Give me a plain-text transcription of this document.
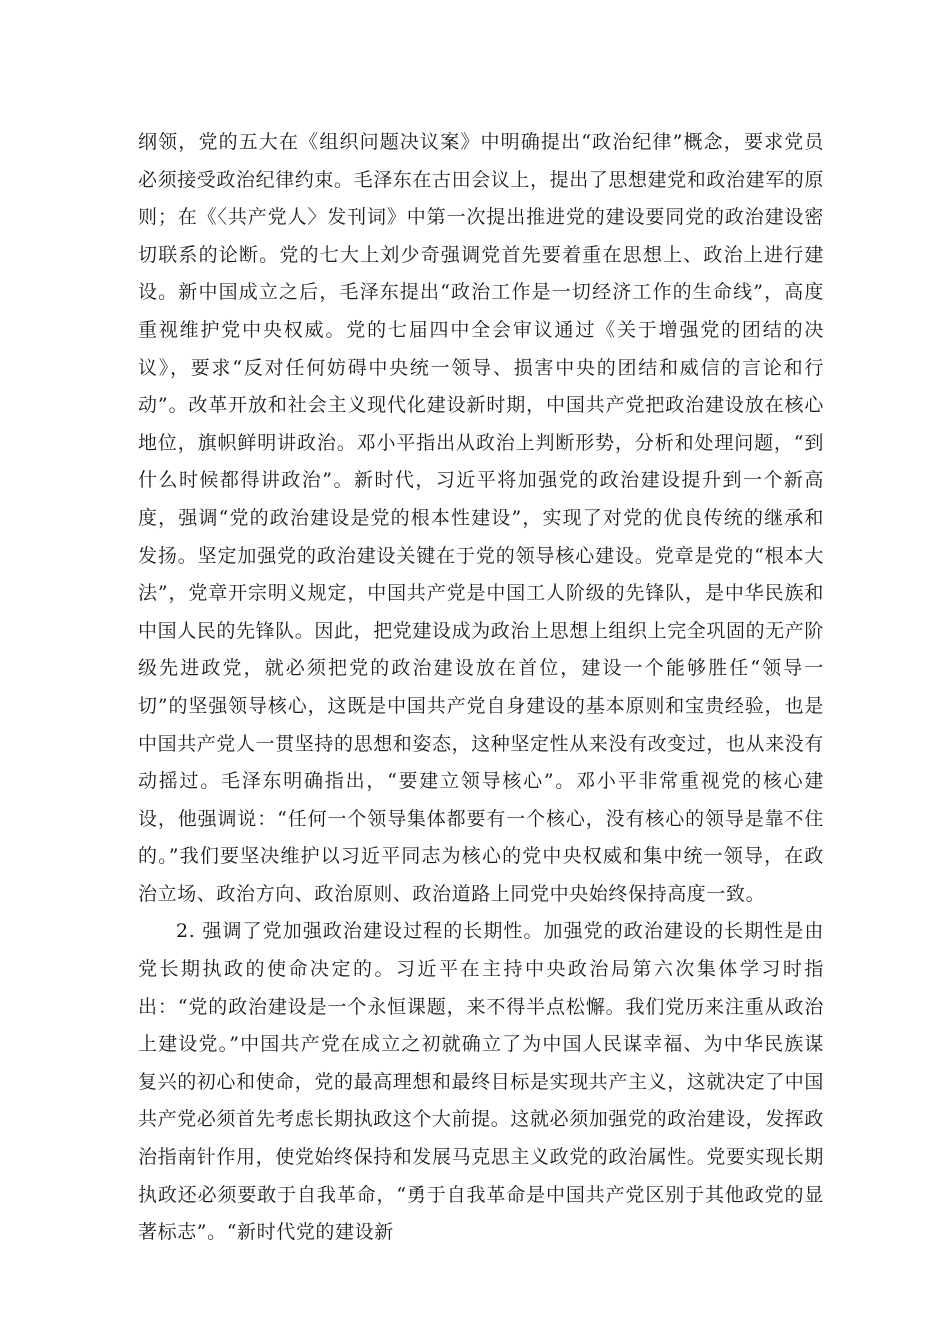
纲领，党的五大在《组织问题决议案》中明确提出“政治纪律”概念，要求党员必须接受政治纪律约束。毛泽东在古田会议上，提出了思想建党和政治建军的原则；在《〈共产党人〉发刊词》中第一次提出推进党的建设要同党的政治建设密切联系的论断。党的七大上刘少奇强调党首先要着重在思想上、政治上进行建设。新中国成立之后，毛泽东提出“政治工作是一切经济工作的生命线”，高度重视维护党中央权威。党的七届四中全会审议通过《关于增强党的团结的决议》，要求“反对任何妨碍中央统一领导、损害中央的团结和威信的言论和行动”。改革开放和社会主义现代化建设新时期，中国共产党把政治建设放在核心地位，旗帜鲜明讲政治。邓小平指出从政治上判断形势，分析和处理问题，“到什么时候都得讲政治”。新时代，习近平将加强党的政治建设提升到一个新高度，强调“党的政治建设是党的根本性建设”，实现了对党的优良传统的继承和发扬。坚定加强党的政治建设关键在于党的领导核心建设。党章是党的“根本大法”，党章开宗明义规定，中国共产党是中国工人阶级的先锋队，是中华民族和中国人民的先锋队。因此，把党建设成为政治上思想上组织上完全巩固的无产阶级先进政党，就必须把党的政治建设放在首位，建设一个能够胜任“领导一切”的坚强领导核心，这既是中国共产党自身建设的基本原则和宝贵经验，也是中国共产党人一贯坚持的思想和姿态，这种坚定性从来没有改变过，也从来没有动摇过。毛泽东明确指出，“要建立领导核心”。邓小平非常重视党的核心建设，他强调说：“任何一个领导集体都要有一个核心，没有核心的领导是靠不住的。”我们要坚决维护以习近平同志为核心的党中央权威和集中统一领导，在政治立场、政治方向、政治原则、政治道路上同党中央始终保持高度一致。

2. 强调了党加强政治建设过程的长期性。加强党的政治建设的长期性是由党长期执政的使命决定的。习近平在主持中央政治局第六次集体学习时指出：“党的政治建设是一个永恒课题，来不得半点松懈。我们党历来注重从政治上建设党。”中国共产党在成立之初就确立了为中国人民谋幸福、为中华民族谋复兴的初心和使命，党的最高理想和最终目标是实现共产主义，这就决定了中国共产党必须首先考虑长期执政这个大前提。这就必须加强党的政治建设，发挥政治指南针作用，使党始终保持和发展马克思主义政党的政治属性。党要实现长期执政还必须要敢于自我革命，“勇于自我革命是中国共产党区别于其他政党的显著标志”。“新时代党的建设新
